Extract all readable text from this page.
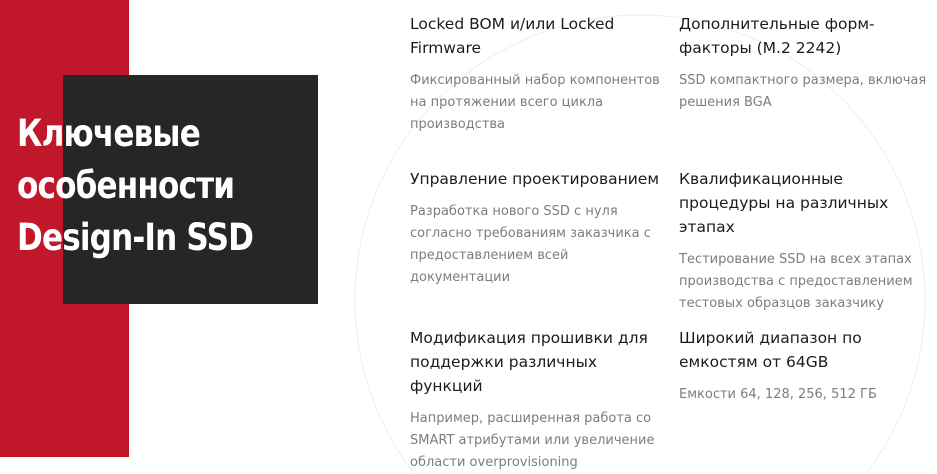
Ключевые
особенности
Design-In SSD
Locked BOM и/или Locked Firmware

Фиксированный набор компонентов на протяжении всего цикла производства

Дополнительные форм-факторы (M.2 2242)

SSD компактного размера, включая решения BGA

Управление проектированием

Разработка нового SSD с нуля согласно требованиям заказчика с предоставлением всей документации

Квалификационные процедуры на различных этапах

Тестирование SSD на всех этапах производства с предоставлением тестовых образцов заказчику

Модификация прошивки для поддержки различных функций

Например, расширенная работа со SMART атрибутами или увеличение области overprovisioning

Широкий диапазон по емкостям от 64GB

Емкости 64, 128, 256, 512 ГБ
